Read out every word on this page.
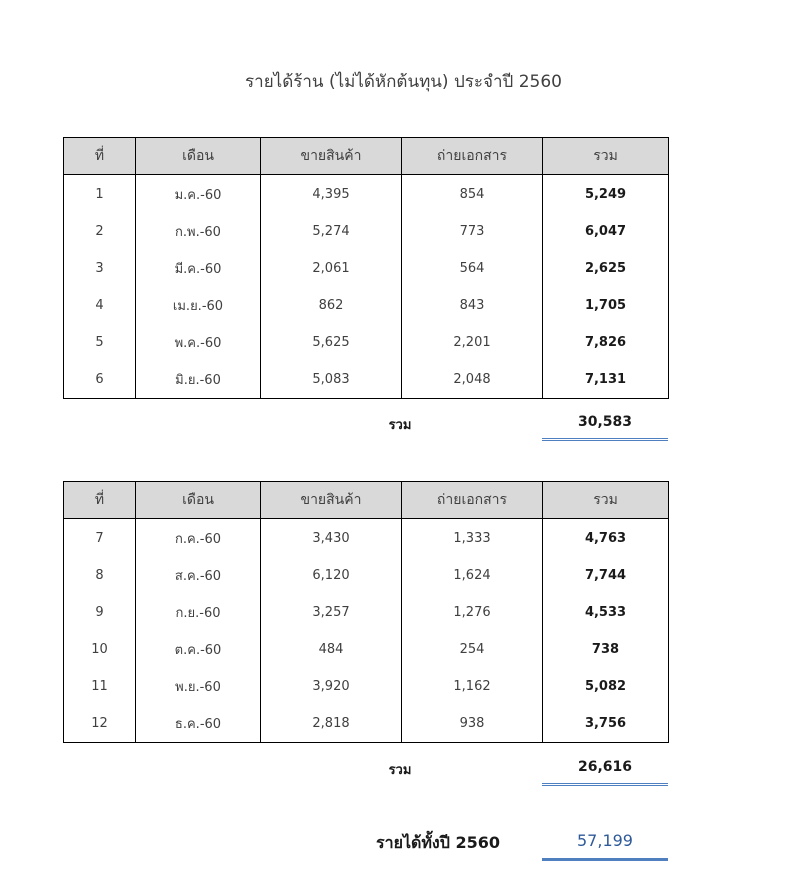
รายได้ร้าน (ไม่ได้หักต้นทุน) ประจำปี 2560
ที่	เดือน	ขายสินค้า	ถ่ายเอกสาร	รวม
1	ม.ค.-60	4,395	854	5,249
2	ก.พ.-60	5,274	773	6,047
3	มี.ค.-60	2,061	564	2,625
4	เม.ย.-60	862	843	1,705
5	พ.ค.-60	5,625	2,201	7,826
6	มิ.ย.-60	5,083	2,048	7,131
รวม	30,583
ที่	เดือน	ขายสินค้า	ถ่ายเอกสาร	รวม
7	ก.ค.-60	3,430	1,333	4,763
8	ส.ค.-60	6,120	1,624	7,744
9	ก.ย.-60	3,257	1,276	4,533
10	ต.ค.-60	484	254	738
11	พ.ย.-60	3,920	1,162	5,082
12	ธ.ค.-60	2,818	938	3,756
รวม	26,616
รายได้ทั้งปี 2560	57,199
